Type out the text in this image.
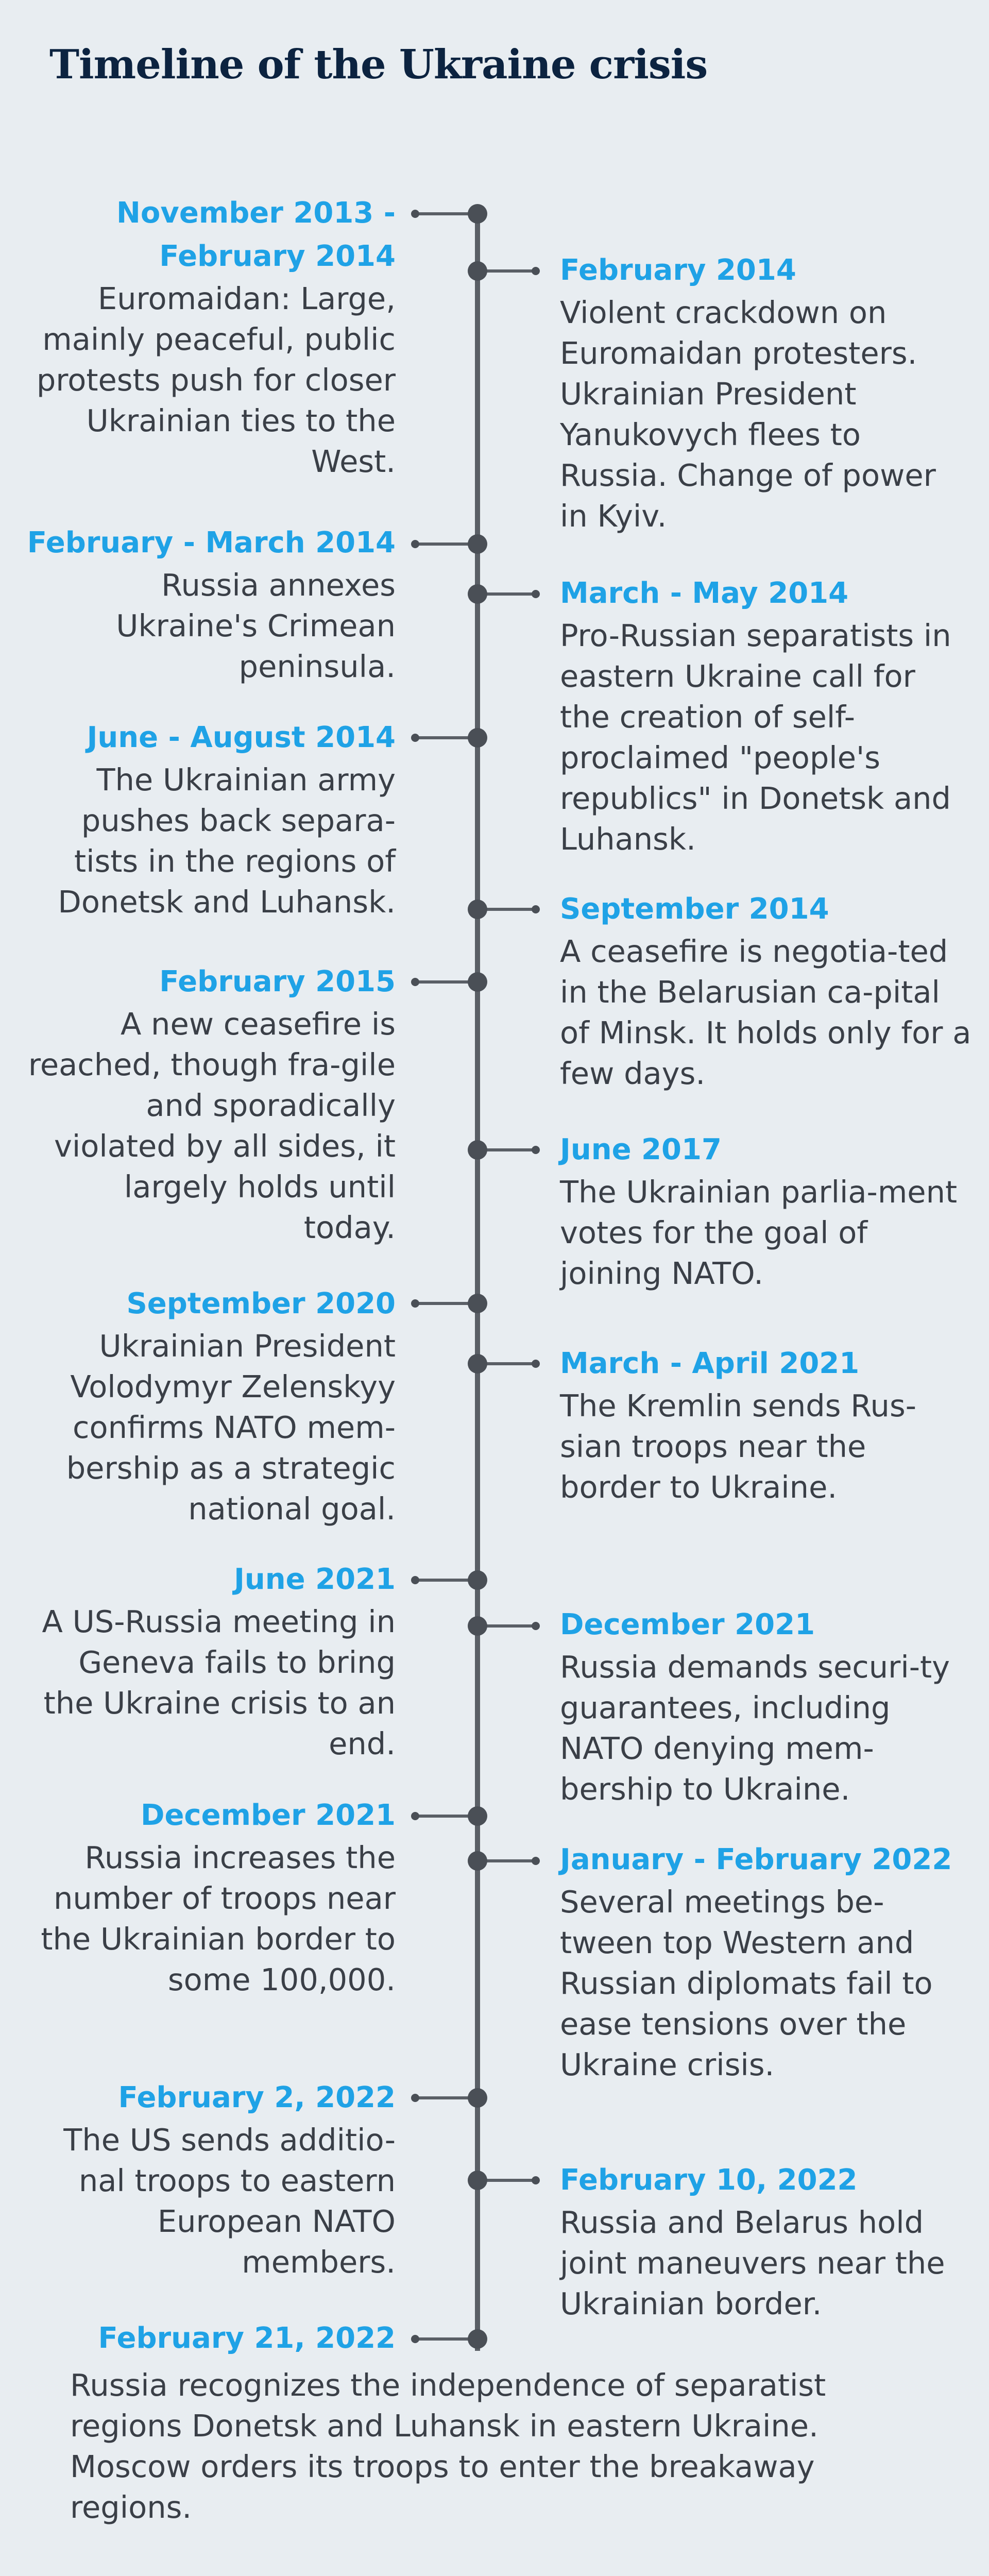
Timeline of the Ukraine crisis
November 2013 - February 2014
Euromaidan: Large, mainly peaceful, public protests push for closer Ukrainian ties to the West.
February - March 2014
Russia annexes Ukraine's Crimean peninsula.
June - August 2014
The Ukrainian army pushes back separa-tists in the regions of Donetsk and Luhansk.
February 2015
A new ceasefire is reached, though fra-gile and sporadically violated by all sides, it largely holds until today.
September 2020
Ukrainian President Volodymyr Zelenskyy confirms NATO mem-bership as a strategic national goal.
June 2021
A US-Russia meeting in Geneva fails to bring the Ukraine crisis to an end.
December 2021
Russia increases the number of troops near the Ukrainian border to some 100,000.
February 2, 2022
The US sends additio-nal troops to eastern European NATO members.
February 2014
Violent crackdown on Euromaidan protesters. Ukrainian President Yanukovych flees to Russia. Change of power in Kyiv.
March - May 2014
Pro-Russian separatists in eastern Ukraine call for the creation of self-proclaimed "people's republics" in Donetsk and Luhansk.
September 2014
A ceasefire is negotia-ted in the Belarusian ca-pital of Minsk. It holds only for a few days.
June 2017
The Ukrainian parlia-ment votes for the goal of joining NATO.
March - April 2021
The Kremlin sends Rus-sian troops near the border to Ukraine.
December 2021
Russia demands securi-ty guarantees, including NATO denying mem-bership to Ukraine.
January - February 2022
Several meetings be-tween top Western and Russian diplomats fail to ease tensions over the Ukraine crisis.
February 10, 2022
Russia and Belarus hold joint maneuvers near the Ukrainian border.
February 21, 2022
Russia recognizes the independence of separatist regions Donetsk and Luhansk in eastern Ukraine. Moscow orders its troops to enter the breakaway regions.
